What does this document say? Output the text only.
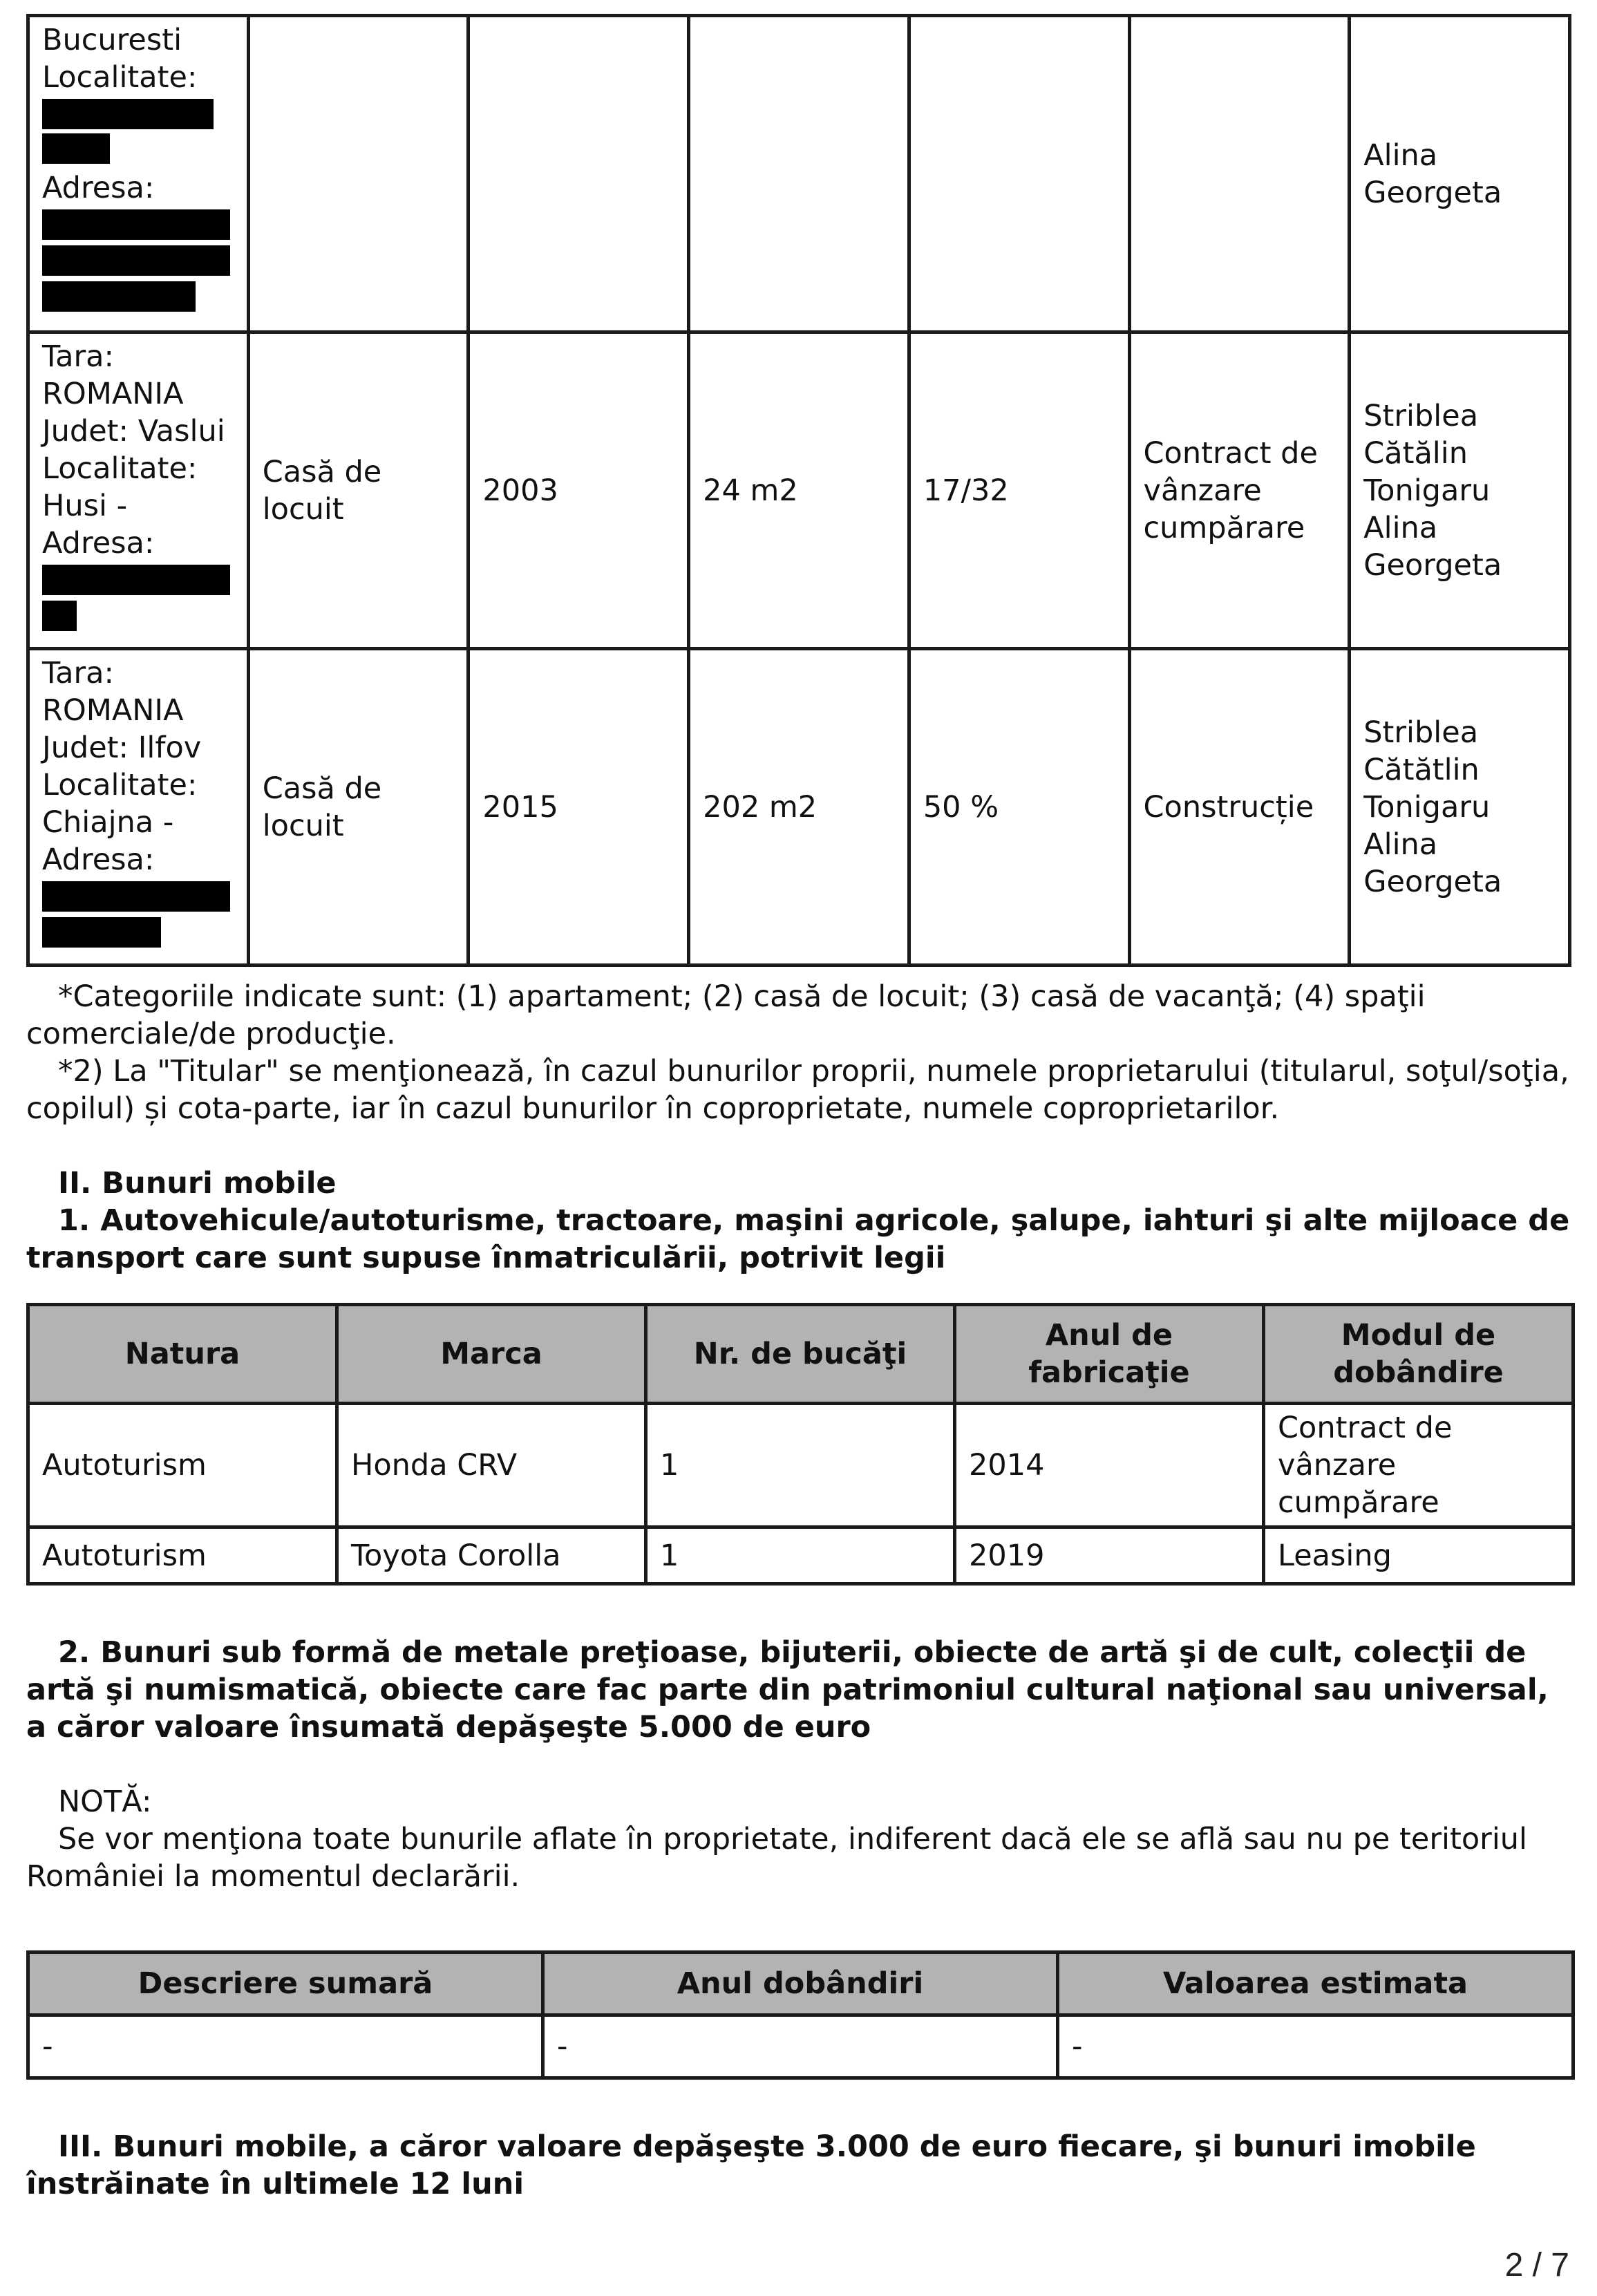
Bucuresti
Localitate:
Adresa:						Alina Georgeta

Tara: ROMANIA Judet: Vaslui Localitate: Husi - Adresa:	Casă de locuit	2003	24 m2	17/32	Contract de vânzare cumpărare	Striblea Cătălin Tonigaru Alina Georgeta

Tara: ROMANIA Judet: Ilfov Localitate: Chiajna - Adresa:	Casă de locuit	2015	202 m2	50 %	Construcție	Striblea Cătătlin Tonigaru Alina Georgeta

*Categoriile indicate sunt: (1) apartament; (2) casă de locuit; (3) casă de vacanţă; (4) spaţii comerciale/de producţie.

*2) La "Titular" se menţionează, în cazul bunurilor proprii, numele proprietarului (titularul, soţul/soţia, copilul) și cota-parte, iar în cazul bunurilor în coproprietate, numele coproprietarilor.

II. Bunuri mobile

1. Autovehicule/autoturisme, tractoare, maşini agricole, şalupe, iahturi şi alte mijloace de transport care sunt supuse înmatriculării, potrivit legii

Natura	Marca	Nr. de bucăţi	Anul de fabricaţie	Modul de dobândire
Autoturism	Honda CRV	1	2014	Contract de vânzare cumpărare
Autoturism	Toyota Corolla	1	2019	Leasing

2. Bunuri sub formă de metale preţioase, bijuterii, obiecte de artă şi de cult, colecţii de artă şi numismatică, obiecte care fac parte din patrimoniul cultural naţional sau universal, a căror valoare însumată depăşeşte 5.000 de euro

NOTĂ:

Se vor menţiona toate bunurile aflate în proprietate, indiferent dacă ele se află sau nu pe teritoriul României la momentul declarării.

Descriere sumară	Anul dobândiri	Valoarea estimata
-	-	-

III. Bunuri mobile, a căror valoare depăşeşte 3.000 de euro fiecare, şi bunuri imobile înstrăinate în ultimele 12 luni

2 / 7
